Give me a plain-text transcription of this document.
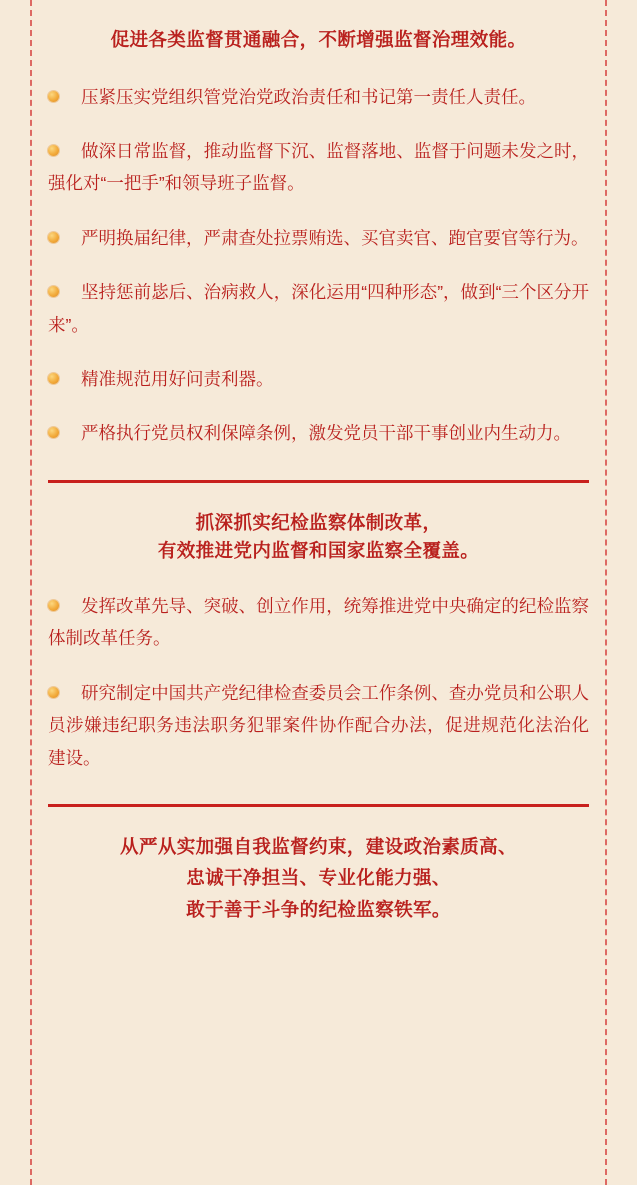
促进各类监督贯通融合，不断增强监督治理效能。
压紧压实党组织管党治党政治责任和书记第一责任人责任。
做深日常监督，推动监督下沉、监督落地、监督于问题未发之时，强化对“一把手”和领导班子监督。
严明换届纪律，严肃查处拉票贿选、买官卖官、跑官要官等行为。
坚持惩前毖后、治病救人，深化运用“四种形态”，做到“三个区分开来”。
精准规范用好问责利器。
严格执行党员权利保障条例，激发党员干部干事创业内生动力。
抓深抓实纪检监察体制改革，
有效推进党内监督和国家监察全覆盖。
发挥改革先导、突破、创立作用，统筹推进党中央确定的纪检监察体制改革任务。
研究制定中国共产党纪律检查委员会工作条例、查办党员和公职人员涉嫌违纪职务违法职务犯罪案件协作配合办法，促进规范化法治化建设。
从严从实加强自我监督约束，建设政治素质高、
忠诚干净担当、专业化能力强、
敢于善于斗争的纪检监察铁军。
